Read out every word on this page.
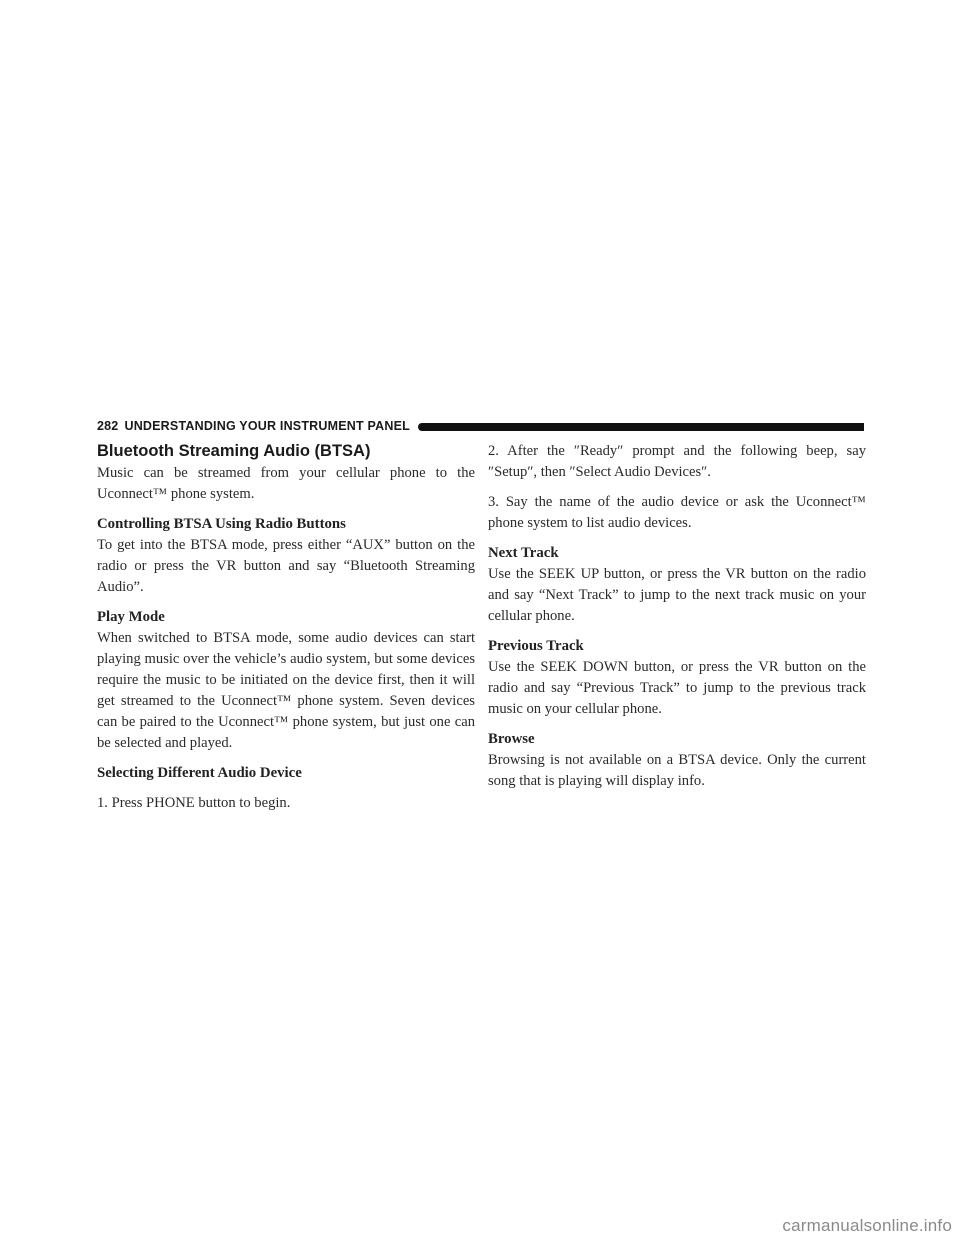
282 UNDERSTANDING YOUR INSTRUMENT PANEL
Bluetooth Streaming Audio (BTSA)

Music can be streamed from your cellular phone to the Uconnect™ phone system.

Controlling BTSA Using Radio Buttons

To get into the BTSA mode, press either “AUX” button on the radio or press the VR button and say “Bluetooth Streaming Audio”.

Play Mode

When switched to BTSA mode, some audio devices can start playing music over the vehicle’s audio system, but some devices require the music to be initiated on the device first, then it will get streamed to the Uconnect™ phone system. Seven devices can be paired to the Uconnect™ phone system, but just one can be selected and played.

Selecting Different Audio Device

1. Press PHONE button to begin.

2. After the ″Ready″ prompt and the following beep, say ″Setup″, then ″Select Audio Devices″.

3. Say the name of the audio device or ask the Uconnect™ phone system to list audio devices.

Next Track

Use the SEEK UP button, or press the VR button on the radio and say “Next Track” to jump to the next track music on your cellular phone.

Previous Track

Use the SEEK DOWN button, or press the VR button on the radio and say “Previous Track” to jump to the previous track music on your cellular phone.

Browse

Browsing is not available on a BTSA device. Only the current song that is playing will display info.

carmanualsonline.info
